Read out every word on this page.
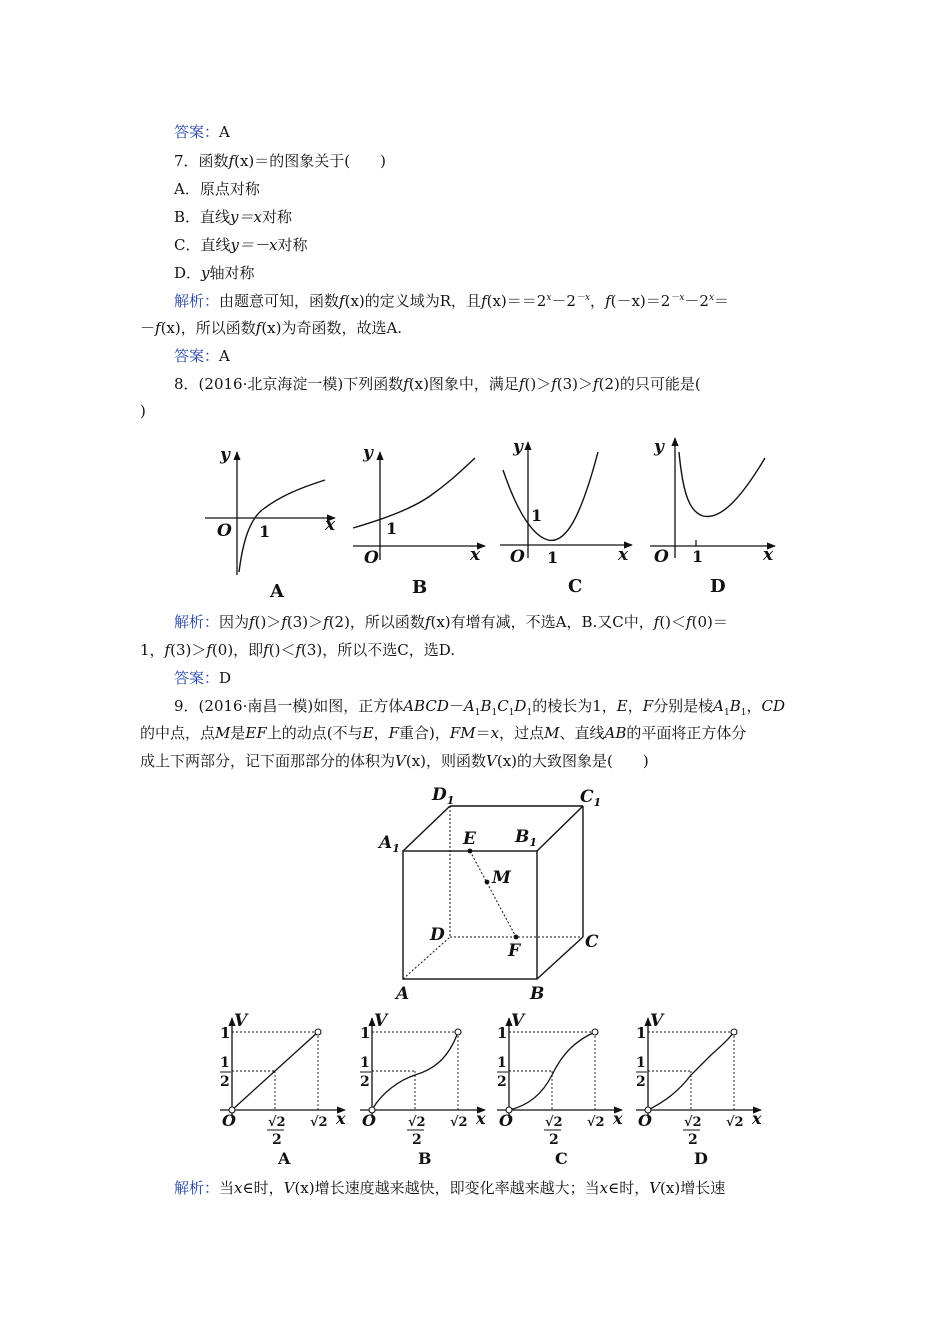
答案：A
7．函数f(x)＝的图象关于(　　)
A．原点对称
B．直线y＝x对称
C．直线y＝－x对称
D．y轴对称
解析：由题意可知，函数f(x)的定义域为R，且$f(x)==2^x-2^{-x}$，$f(-x)=2^{-x}-2^x=$
－f(x)，所以函数f(x)为奇函数，故选A.
答案：A
8．(2016·北京海淀一模)下列函数f(x)图象中，满足f()＞f(3)＞f(2)的只可能是(
)
y
O	x
1
A
y
O	x
1
B
y
O	x
1
1
C
y
O	x
1
D
解析：因为f()＞f(3)＞f(2)，所以函数f(x)有增有减，不选A，B.又C中，f()＜f(0)＝
1，f(3)＞f(0)，即f()＜f(3)，所以不选C，选D.
答案：D
9．(2016·南昌一模)如图，正方体$ABCD-A_1B_1C_1D_1$的棱长为1，E，F分别是棱$A_1B_1$，CD
的中点，点M是EF上的动点(不与E，F重合)，FM＝x，过点M、直线AB的平面将正方体分
成上下两部分，记下面那部分的体积为V(x)，则函数V(x)的大致图象是(　　)
$D_1$	$C_1$
$A_1$
$B_1$
E
M
D	C
F
A	B
V
1
1
2
O	x
√2
2
√2
A
V
1
1
2
O	x
√2
2
√2
B
V
1
1
2
O	x
√2
2
√2
C
V
1
1
2
O	x
√2
2
√2
D
解析：当x∈时，V(x)增长速度越来越快，即变化率越来越大；当x∈时，V(x)增长速
